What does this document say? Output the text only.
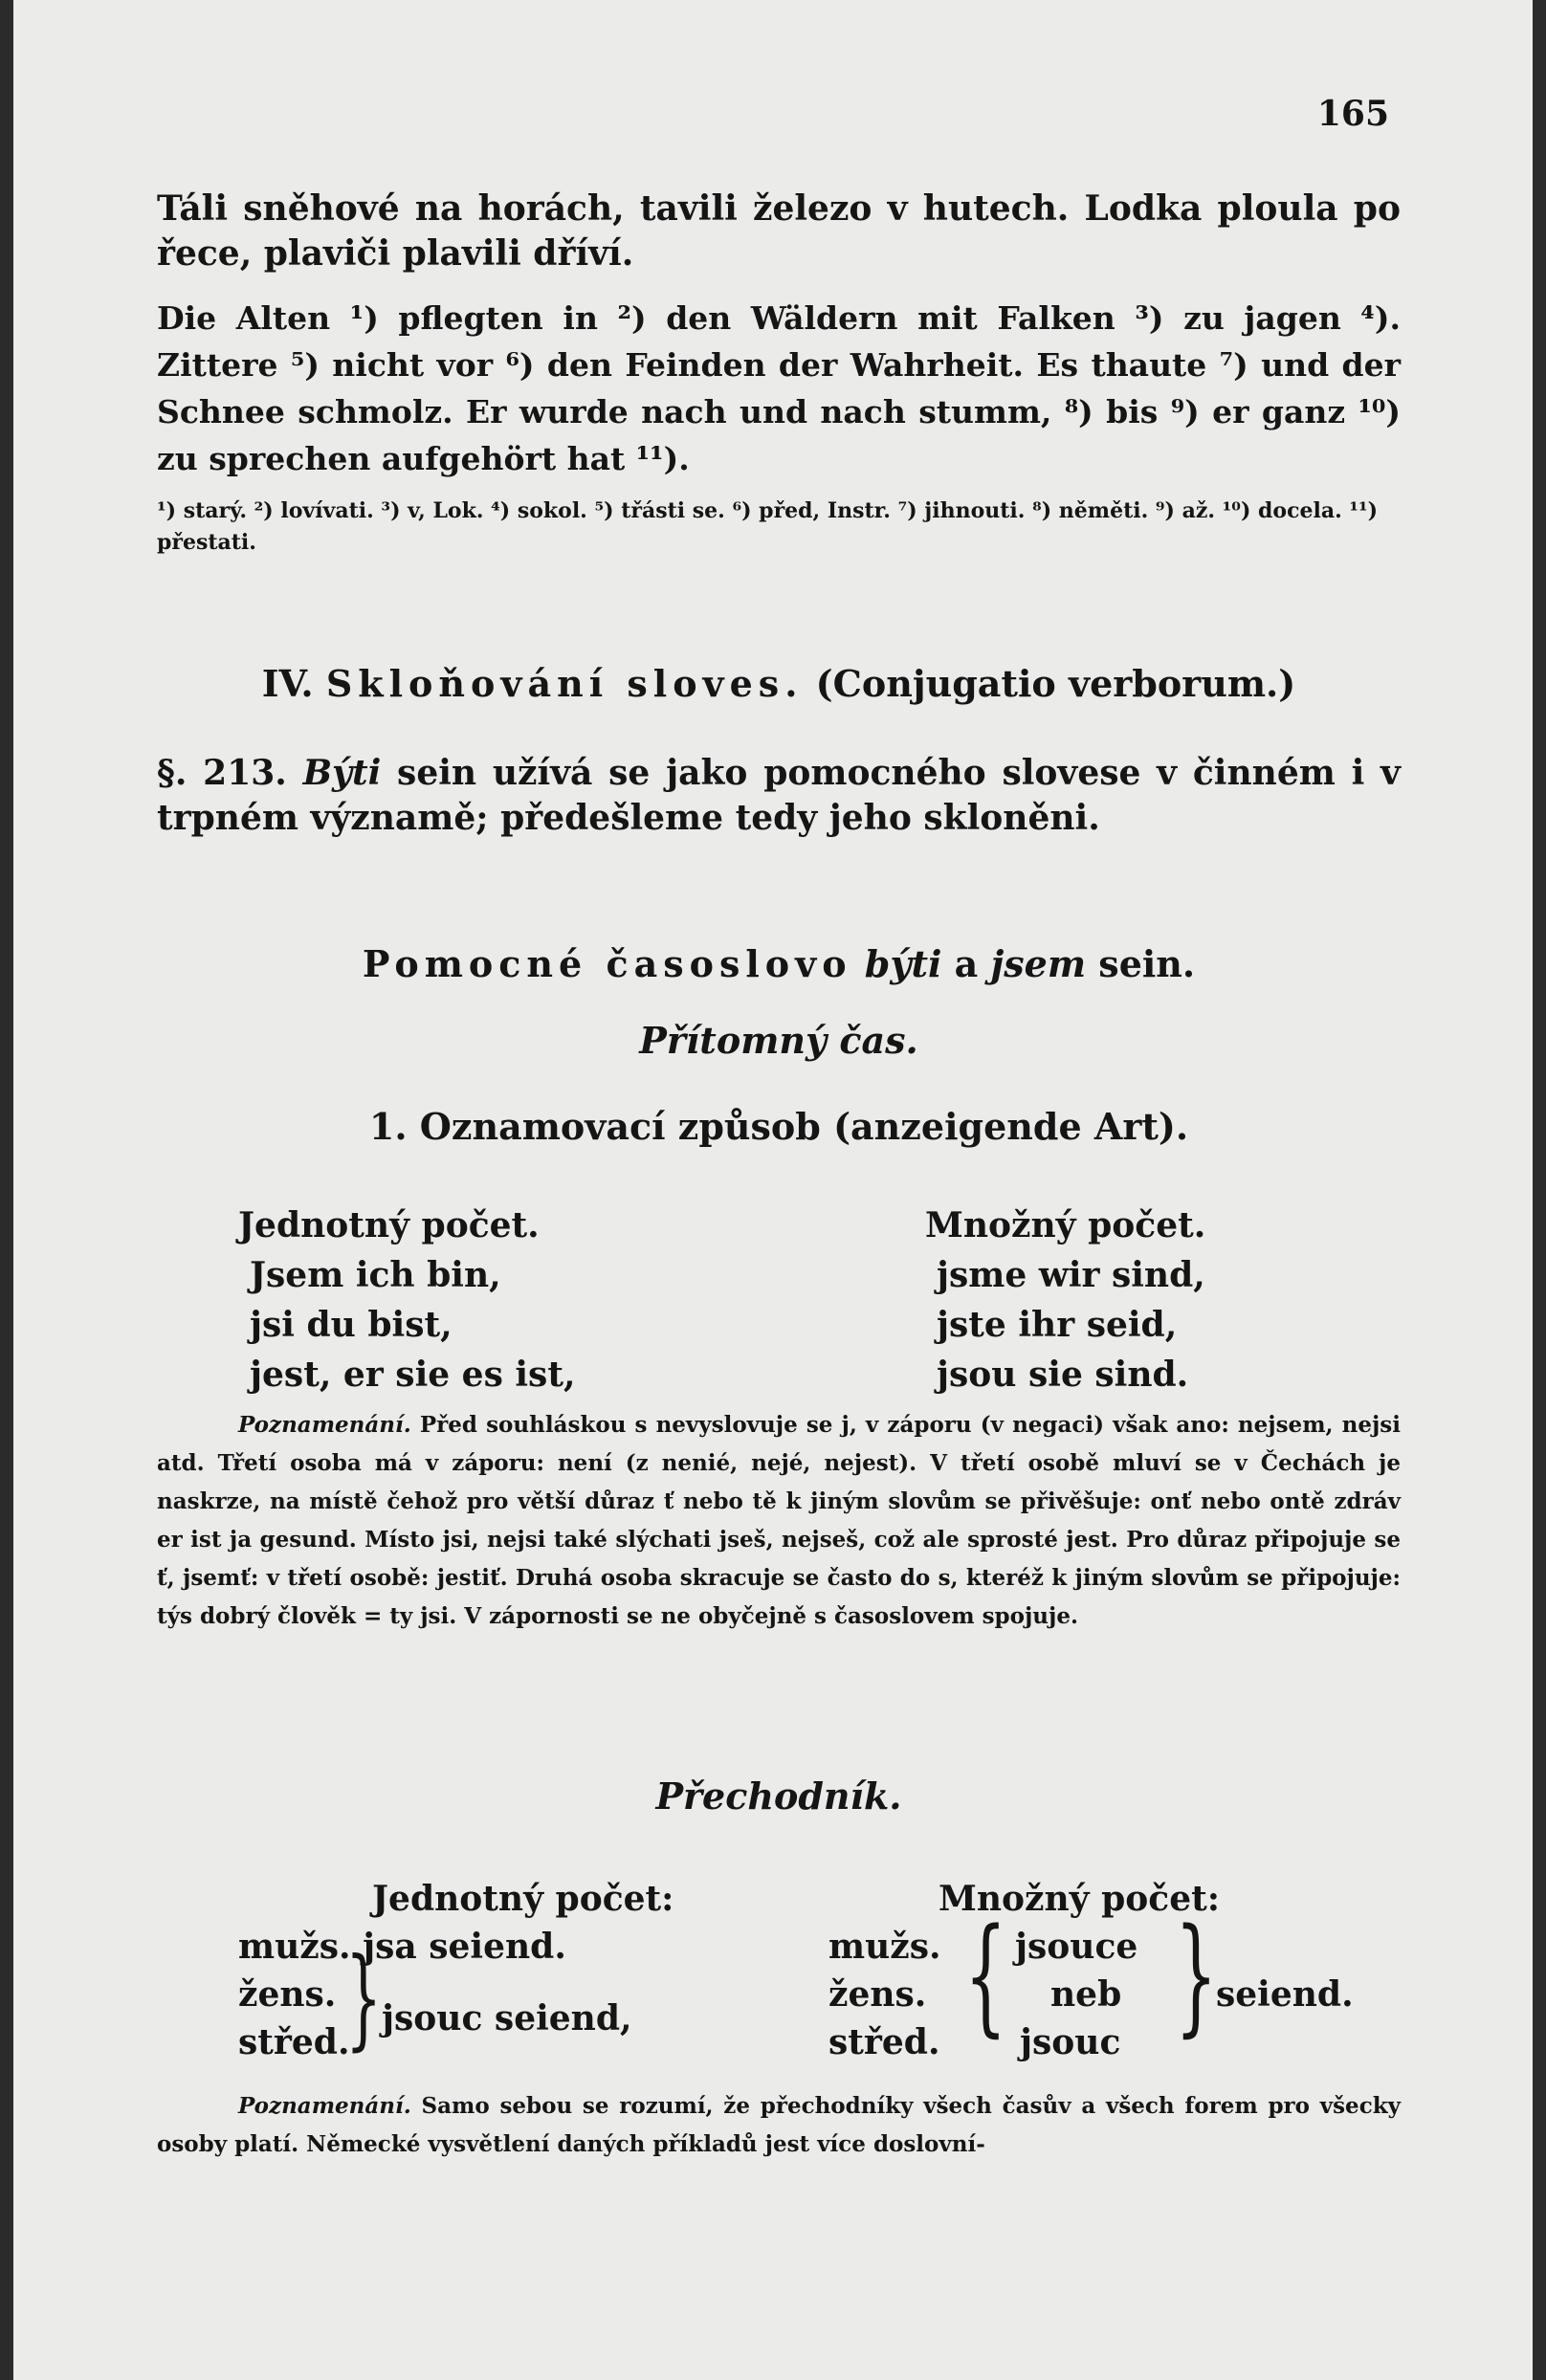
165

Táli sněhové na horách, tavili železo v hutech. Lodka ploula po řece, plaviči plavili dříví.

Die Alten ¹) pflegten in ²) den Wäldern mit Falken ³) zu jagen ⁴). Zittere ⁵) nicht vor ⁶) den Feinden der Wahrheit. Es thaute ⁷) und der Schnee schmolz. Er wurde nach und nach stumm, ⁸) bis ⁹) er ganz ¹⁰) zu sprechen aufgehört hat ¹¹).

¹) starý. ²) lovívati. ³) v, Lok. ⁴) sokol. ⁵) třásti se. ⁶) před, Instr. ⁷) jihnouti. ⁸) něměti. ⁹) až. ¹⁰) docela. ¹¹) přestati.

IV. Skloňování sloves. (Conjugatio verborum.)

§. 213. Býti sein užívá se jako pomocného slovese v činném i v trpném významě; předešleme tedy jeho skloněni.

Pomocné časoslovo býti a jsem sein.

Přítomný čas.

1. Oznamovací způsob (anzeigende Art).

Jednotný počet.
Jsem ich bin,
jsi du bist,
jest, er sie es ist,
Množný počet.
jsme wir sind,
jste ihr seid,
jsou sie sind.

Poznamenání. Před souhláskou s nevyslovuje se j, v záporu (v negaci) však ano: nejsem, nejsi atd. Třetí osoba má v záporu: není (z nenié, nejé, nejest). V třetí osobě mluví se v Čechách je naskrze, na místě čehož pro větší důraz ť nebo tě k jiným slovům se přivěšuje: onť nebo ontě zdráv er ist ja gesund. Místo jsi, nejsi také slýchati jseš, nejseš, což ale sprosté jest. Pro důraz připojuje se ť, jsemť: v třetí osobě: jestiť. Druhá osoba skracuje se často do s, kteréž k jiným slovům se připojuje: týs dobrý člověk = ty jsi. V zápornosti se ne obyčejně s časoslovem spojuje.

Přechodník.

Jednotný počet:
mužs. jsa seiend.
žens.
střed.
} jsouc seiend,
Množný počet:
mužs.
žens.
střed. { jsouce
neb
jsouc }
seiend.

Poznamenání. Samo sebou se rozumí, že přechodníky všech časův a všech forem pro všecky osoby platí. Německé vysvětlení daných příkladů jest více doslovní-
